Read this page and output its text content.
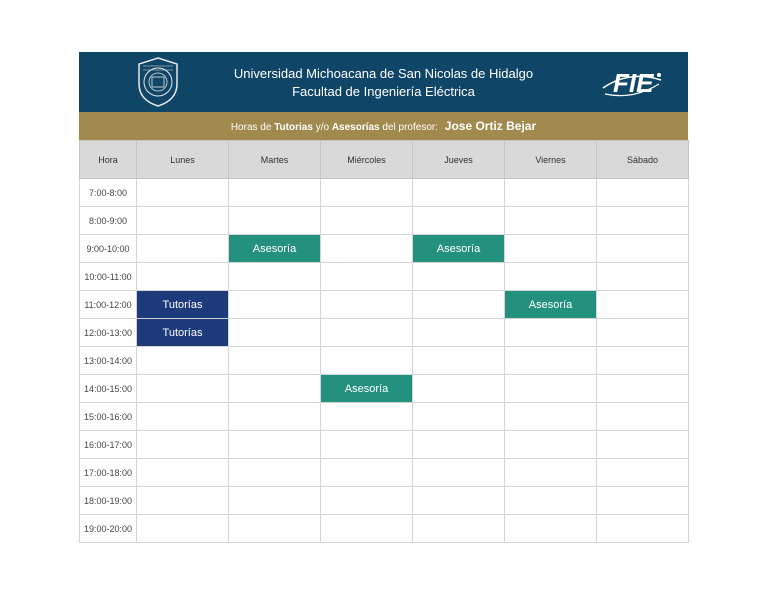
Universidad Michoacana de San Nicolas de Hidalgo
Facultad de Ingeniería Eléctrica	FIE
Horas de Tutorias y/o Asesorías del profesor: Jose Ortiz Bejar
Hora	Lunes	Martes	Miércoles	Jueves	Viernes	Sábado
7:00-8:00						
8:00-9:00						
9:00-10:00		Asesoría		Asesoría		
10:00-11:00						
11:00-12:00	Tutorías				Asesoría	
12:00-13:00	Tutorías					
13:00-14:00						
14:00-15:00			Asesoría			
15:00-16:00						
16:00-17:00						
17:00-18:00						
18:00-19:00						
19:00-20:00						
